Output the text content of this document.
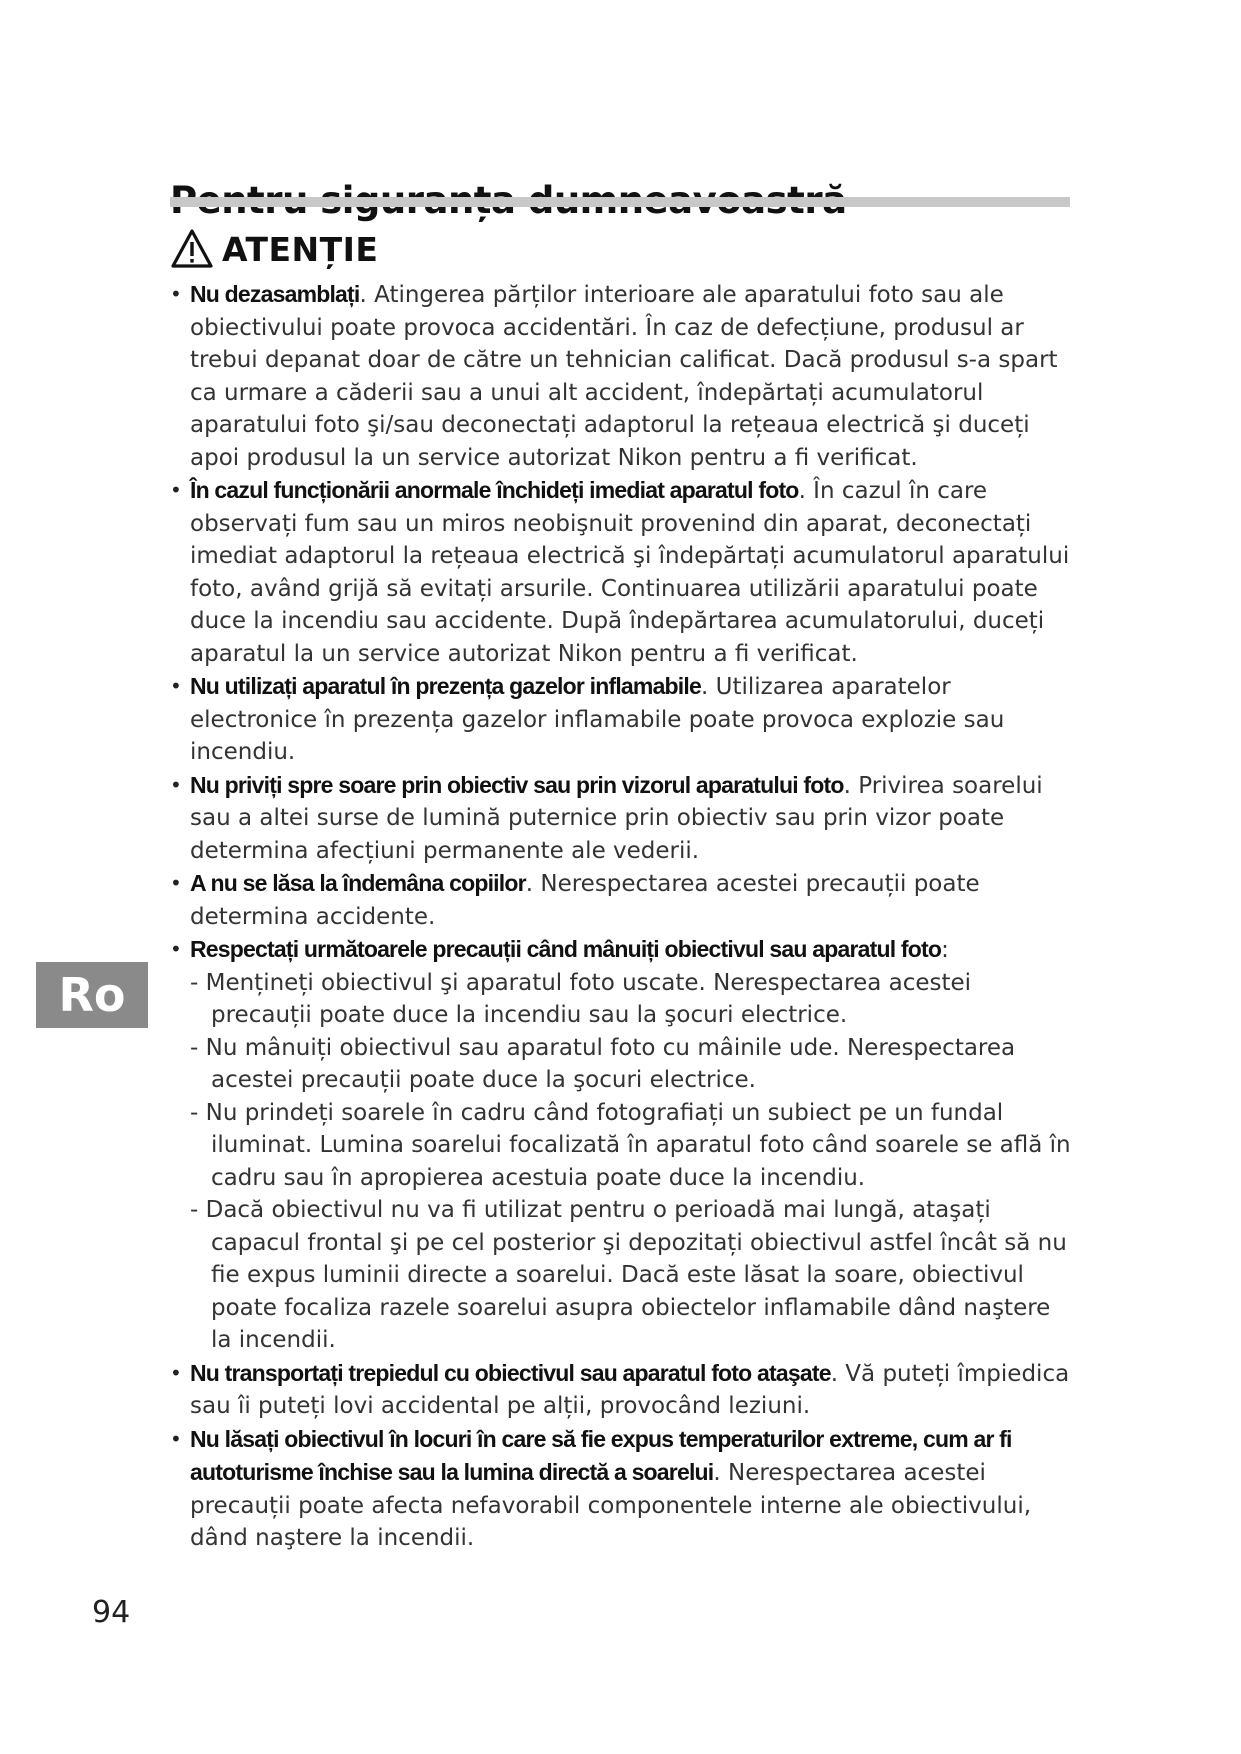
ATENȚIE
• Nu dezasamblați. Atingerea părților interioare ale aparatului foto sau ale obiectivului poate provoca accidentări. În caz de defecțiune, produsul ar trebui depanat doar de către un tehnician calificat. Dacă produsul s-a spart ca urmare a căderii sau a unui alt accident, îndepărtați acumulatorul aparatului foto şi/sau deconectați adaptorul la rețeaua electrică şi duceți apoi produsul la un service autorizat Nikon pentru a fi verificat.
• În cazul funcționării anormale închideți imediat aparatul foto. În cazul în care observați fum sau un miros neobişnuit provenind din aparat, deconectați imediat adaptorul la rețeaua electrică şi îndepărtați acumulatorul aparatului foto, având grijă să evitați arsurile. Continuarea utilizării aparatului poate duce la incendiu sau accidente. După îndepărtarea acumulatorului, duceți aparatul la un service autorizat Nikon pentru a fi verificat.
• Nu utilizați aparatul în prezența gazelor inflamabile. Utilizarea aparatelor electronice în prezența gazelor inflamabile poate provoca explozie sau incendiu.
• Nu priviți spre soare prin obiectiv sau prin vizorul aparatului foto. Privirea soarelui sau a altei surse de lumină puternice prin obiectiv sau prin vizor poate determina afecțiuni permanente ale vederii.
• A nu se lăsa la îndemâna copiilor. Nerespectarea acestei precauții poate determina accidente.
• Respectați următoarele precauții când mânuiți obiectivul sau aparatul foto:
- Mențineți obiectivul şi aparatul foto uscate. Nerespectarea acestei precauții poate duce la incendiu sau la şocuri electrice.
- Nu mânuiți obiectivul sau aparatul foto cu mâinile ude. Nerespectarea acestei precauții poate duce la şocuri electrice.
- Nu prindeți soarele în cadru când fotografiați un subiect pe un fundal iluminat. Lumina soarelui focalizată în aparatul foto când soarele se află în cadru sau în apropierea acestuia poate duce la incendiu.
- Dacă obiectivul nu va fi utilizat pentru o perioadă mai lungă, ataşați capacul frontal şi pe cel posterior şi depozitați obiectivul astfel încât să nu fie expus luminii directe a soarelui. Dacă este lăsat la soare, obiectivul poate focaliza razele soarelui asupra obiectelor inflamabile dând naştere la incendii.
• Nu transportați trepiedul cu obiectivul sau aparatul foto ataşate. Vă puteți împiedica sau îi puteți lovi accidental pe alții, provocând leziuni.
• Nu lăsați obiectivul în locuri în care să fie expus temperaturilor extreme, cum ar fi autoturisme închise sau la lumina directă a soarelui. Nerespectarea acestei precauții poate afecta nefavorabil componentele interne ale obiectivului, dând naştere la incendii.
Ro
94
